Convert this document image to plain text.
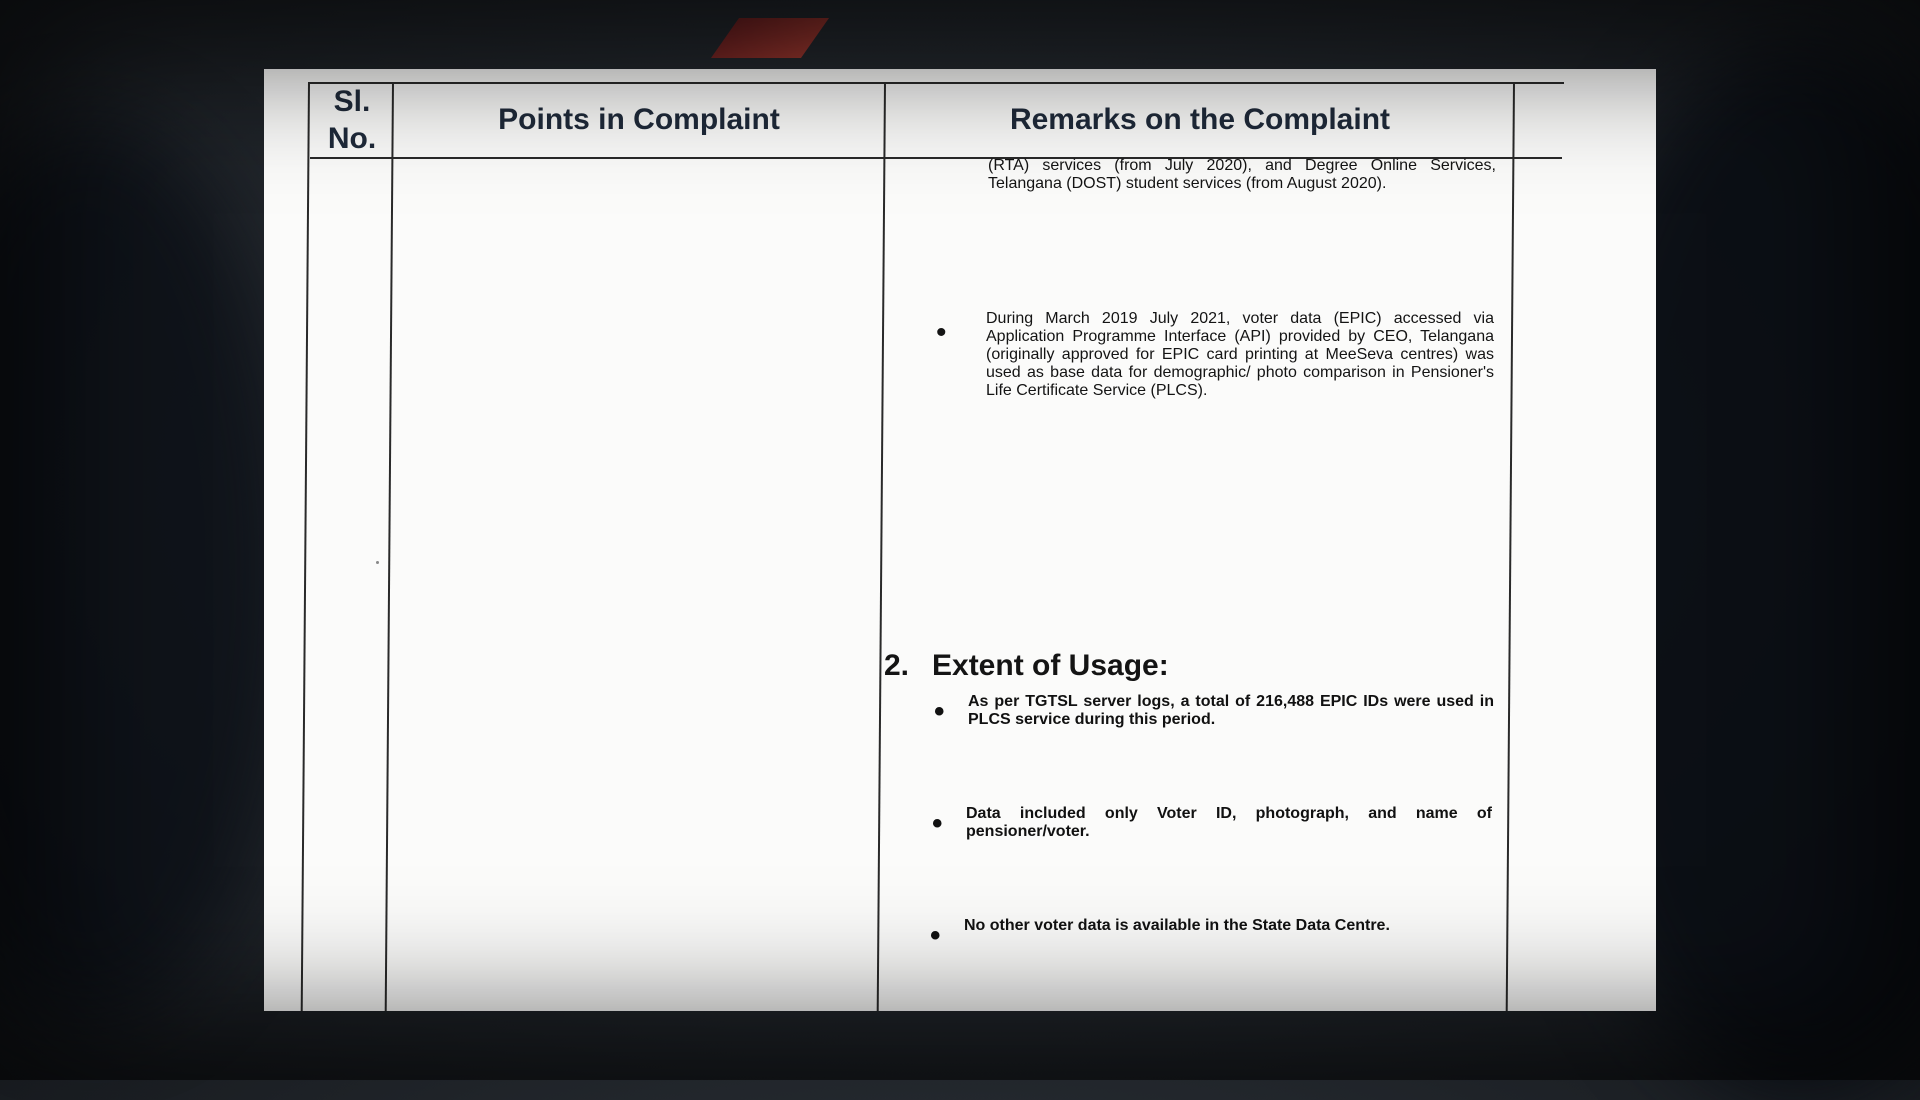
Sl. No.
Points in Complaint	Remarks on the Complaint
(RTA) services (from July 2020), and Degree Online Services, Telangana (DOST) student services (from August 2020).
• During March 2019 July 2021, voter data (EPIC) accessed via Application Programme Interface (API) provided by CEO, Telangana (originally approved for EPIC card printing at MeeSeva centres) was used as base data for demographic/ photo comparison in Pensioner's Life Certificate Service (PLCS).
2. Extent of Usage:
• As per TGTSL server logs, a total of 216,488 EPIC IDs were used in PLCS service during this period.
• Data included only Voter ID, photograph, and name of pensioner/voter.
• No other voter data is available in the State Data Centre.
